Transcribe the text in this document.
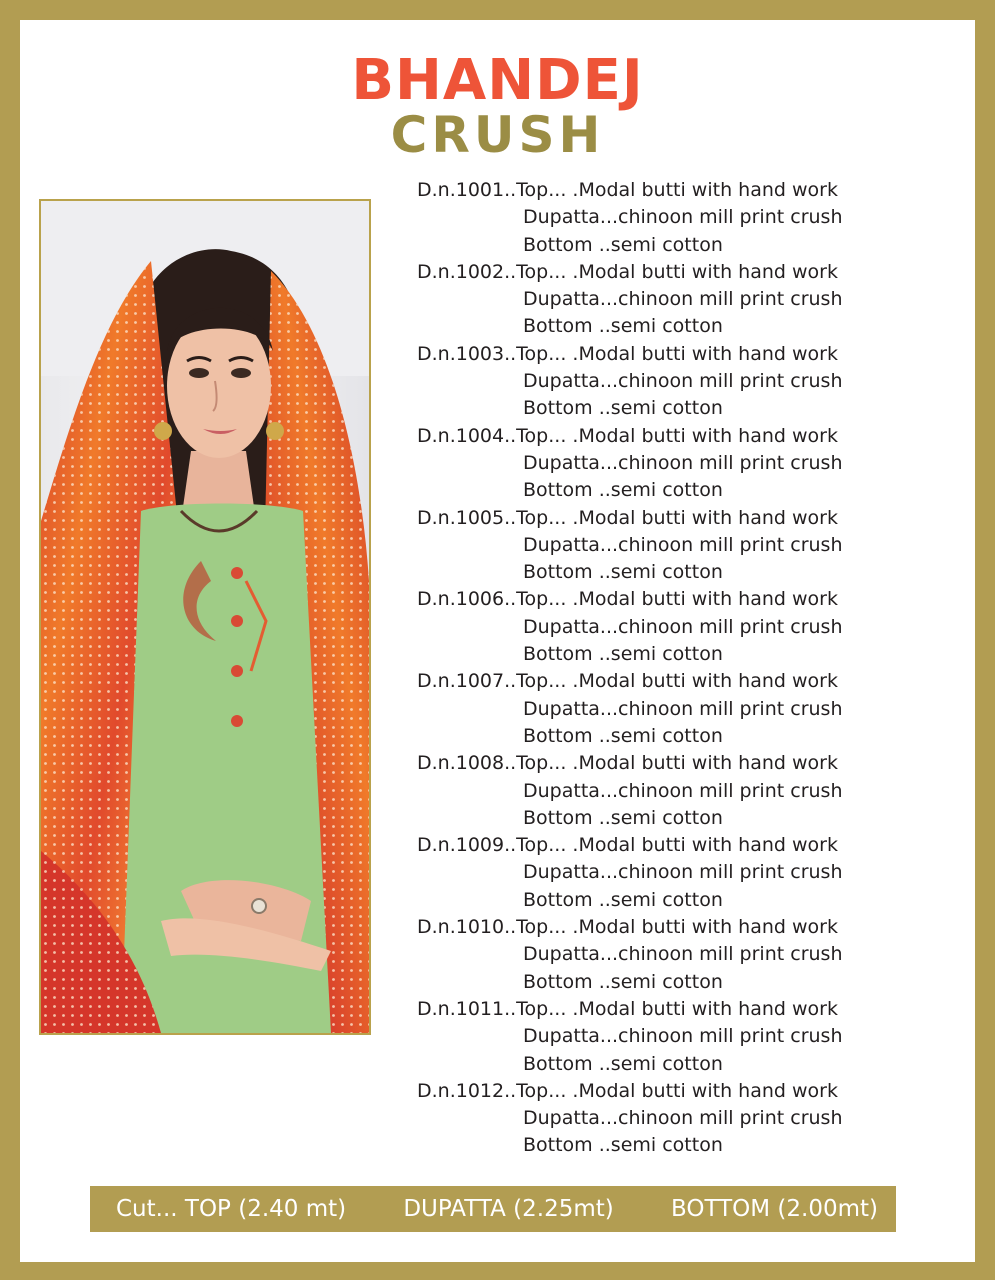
BHANDEJ
CRUSH
D.n.1001..Top... .Modal butti with hand work
Dupatta...chinoon mill print crush
Bottom ..semi cotton
D.n.1002..Top... .Modal butti with hand work
Dupatta...chinoon mill print crush
Bottom ..semi cotton
D.n.1003..Top... .Modal butti with hand work
Dupatta...chinoon mill print crush
Bottom ..semi cotton
D.n.1004..Top... .Modal butti with hand work
Dupatta...chinoon mill print crush
Bottom ..semi cotton
D.n.1005..Top... .Modal butti with hand work
Dupatta...chinoon mill print crush
Bottom ..semi cotton
D.n.1006..Top... .Modal butti with hand work
Dupatta...chinoon mill print crush
Bottom ..semi cotton
D.n.1007..Top... .Modal butti with hand work
Dupatta...chinoon mill print crush
Bottom ..semi cotton
D.n.1008..Top... .Modal butti with hand work
Dupatta...chinoon mill print crush
Bottom ..semi cotton
D.n.1009..Top... .Modal butti with hand work
Dupatta...chinoon mill print crush
Bottom ..semi cotton
D.n.1010..Top... .Modal butti with hand work
Dupatta...chinoon mill print crush
Bottom ..semi cotton
D.n.1011..Top... .Modal butti with hand work
Dupatta...chinoon mill print crush
Bottom ..semi cotton
D.n.1012..Top... .Modal butti with hand work
Dupatta...chinoon mill print crush
Bottom ..semi cotton
Cut... TOP (2.40 mt) DUPATTA (2.25mt) BOTTOM (2.00mt)
